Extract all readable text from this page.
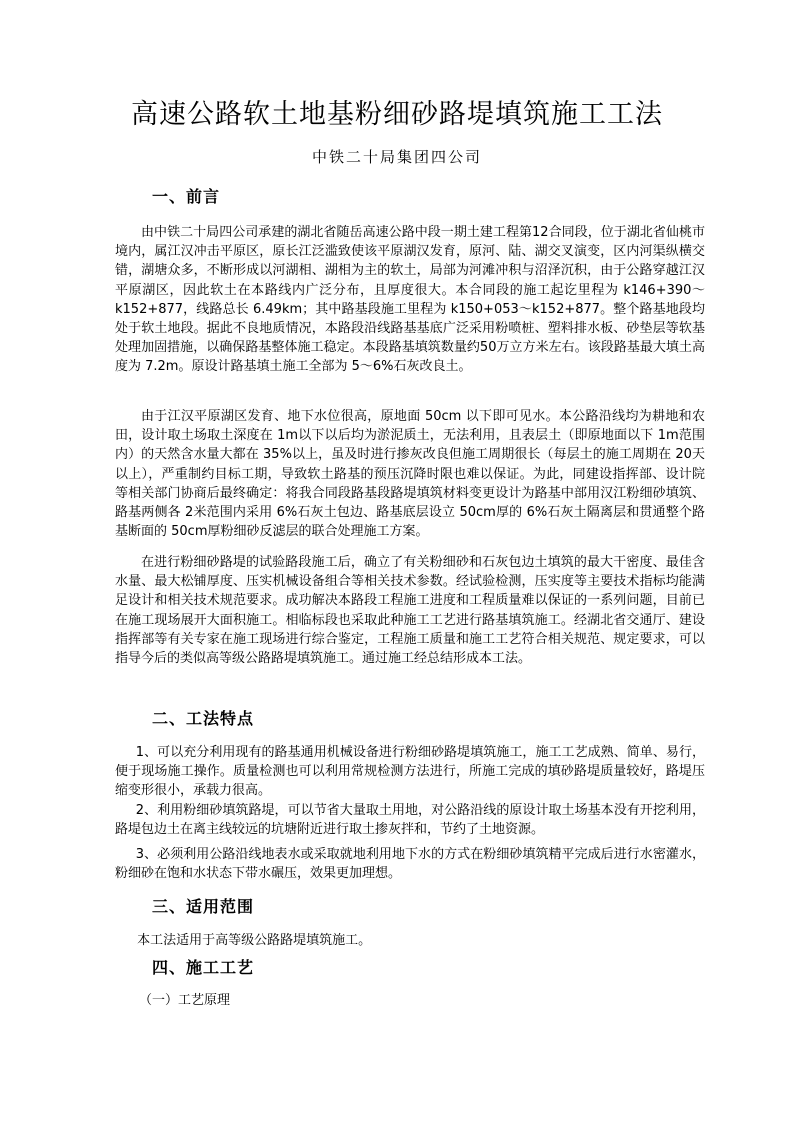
高速公路软土地基粉细砂路堤填筑施工工法
中铁二十局集团四公司
一、前言

由中铁二十局四公司承建的湖北省随岳高速公路中段一期土建工程第12合同段，位于湖北省仙桃市境内，属江汉冲击平原区，原长江泛滥致使该平原湖汉发育，原河、陆、湖交叉演变，区内河渠纵横交错，湖塘众多，不断形成以河湖相、湖相为主的软土，局部为河滩冲积与沼泽沉积，由于公路穿越江汉平原湖区，因此软土在本路线内广泛分布，且厚度很大。本合同段的施工起讫里程为 k146+390～k152+877，线路总长 6.49km；其中路基段施工里程为 k150+053～k152+877。整个路基地段均处于软土地段。据此不良地质情况，本路段沿线路基基底广泛采用粉喷桩、塑料排水板、砂垫层等软基处理加固措施，以确保路基整体施工稳定。本段路基填筑数量约50万立方米左右。该段路基最大填土高度为 7.2m。原设计路基填土施工全部为 5～6%石灰改良土。

由于江汉平原湖区发育、地下水位很高，原地面 50cm 以下即可见水。本公路沿线均为耕地和农田，设计取土场取土深度在 1m以下以后均为淤泥质土，无法利用，且表层土（即原地面以下 1m范围内）的天然含水量大都在 35%以上，虽及时进行掺灰改良但施工周期很长（每层土的施工周期在 20天以上），严重制约目标工期，导致软土路基的预压沉降时限也难以保证。为此，同建设指挥部、设计院等相关部门协商后最终确定：将我合同段路基段路堤填筑材料变更设计为路基中部用汉江粉细砂填筑、路基两侧各 2米范围内采用 6%石灰土包边、路基底层设立 50cm厚的 6%石灰土隔离层和贯通整个路基断面的 50cm厚粉细砂反滤层的联合处理施工方案。

在进行粉细砂路堤的试验路段施工后，确立了有关粉细砂和石灰包边土填筑的最大干密度、最佳含水量、最大松铺厚度、压实机械设备组合等相关技术参数。经试验检测，压实度等主要技术指标均能满足设计和相关技术规范要求。成功解决本路段工程施工进度和工程质量难以保证的一系列问题，目前已在施工现场展开大面积施工。相临标段也采取此种施工工艺进行路基填筑施工。经湖北省交通厅、建设指挥部等有关专家在施工现场进行综合鉴定，工程施工质量和施工工艺符合相关规范、规定要求，可以指导今后的类似高等级公路路堤填筑施工。通过施工经总结形成本工法。

二、工法特点

1、可以充分利用现有的路基通用机械设备进行粉细砂路堤填筑施工，施工工艺成熟、简单、易行，便于现场施工操作。质量检测也可以利用常规检测方法进行，所施工完成的填砂路堤质量较好，路堤压缩变形很小，承载力很高。

2、利用粉细砂填筑路堤，可以节省大量取土用地，对公路沿线的原设计取土场基本没有开挖利用，路堤包边土在离主线较远的坑塘附近进行取土掺灰拌和，节约了土地资源。

3、必须利用公路沿线地表水或采取就地利用地下水的方式在粉细砂填筑精平完成后进行水密灌水，粉细砂在饱和水状态下带水碾压，效果更加理想。

三、适用范围

本工法适用于高等级公路路堤填筑施工。

四、施工工艺
（一）工艺原理
